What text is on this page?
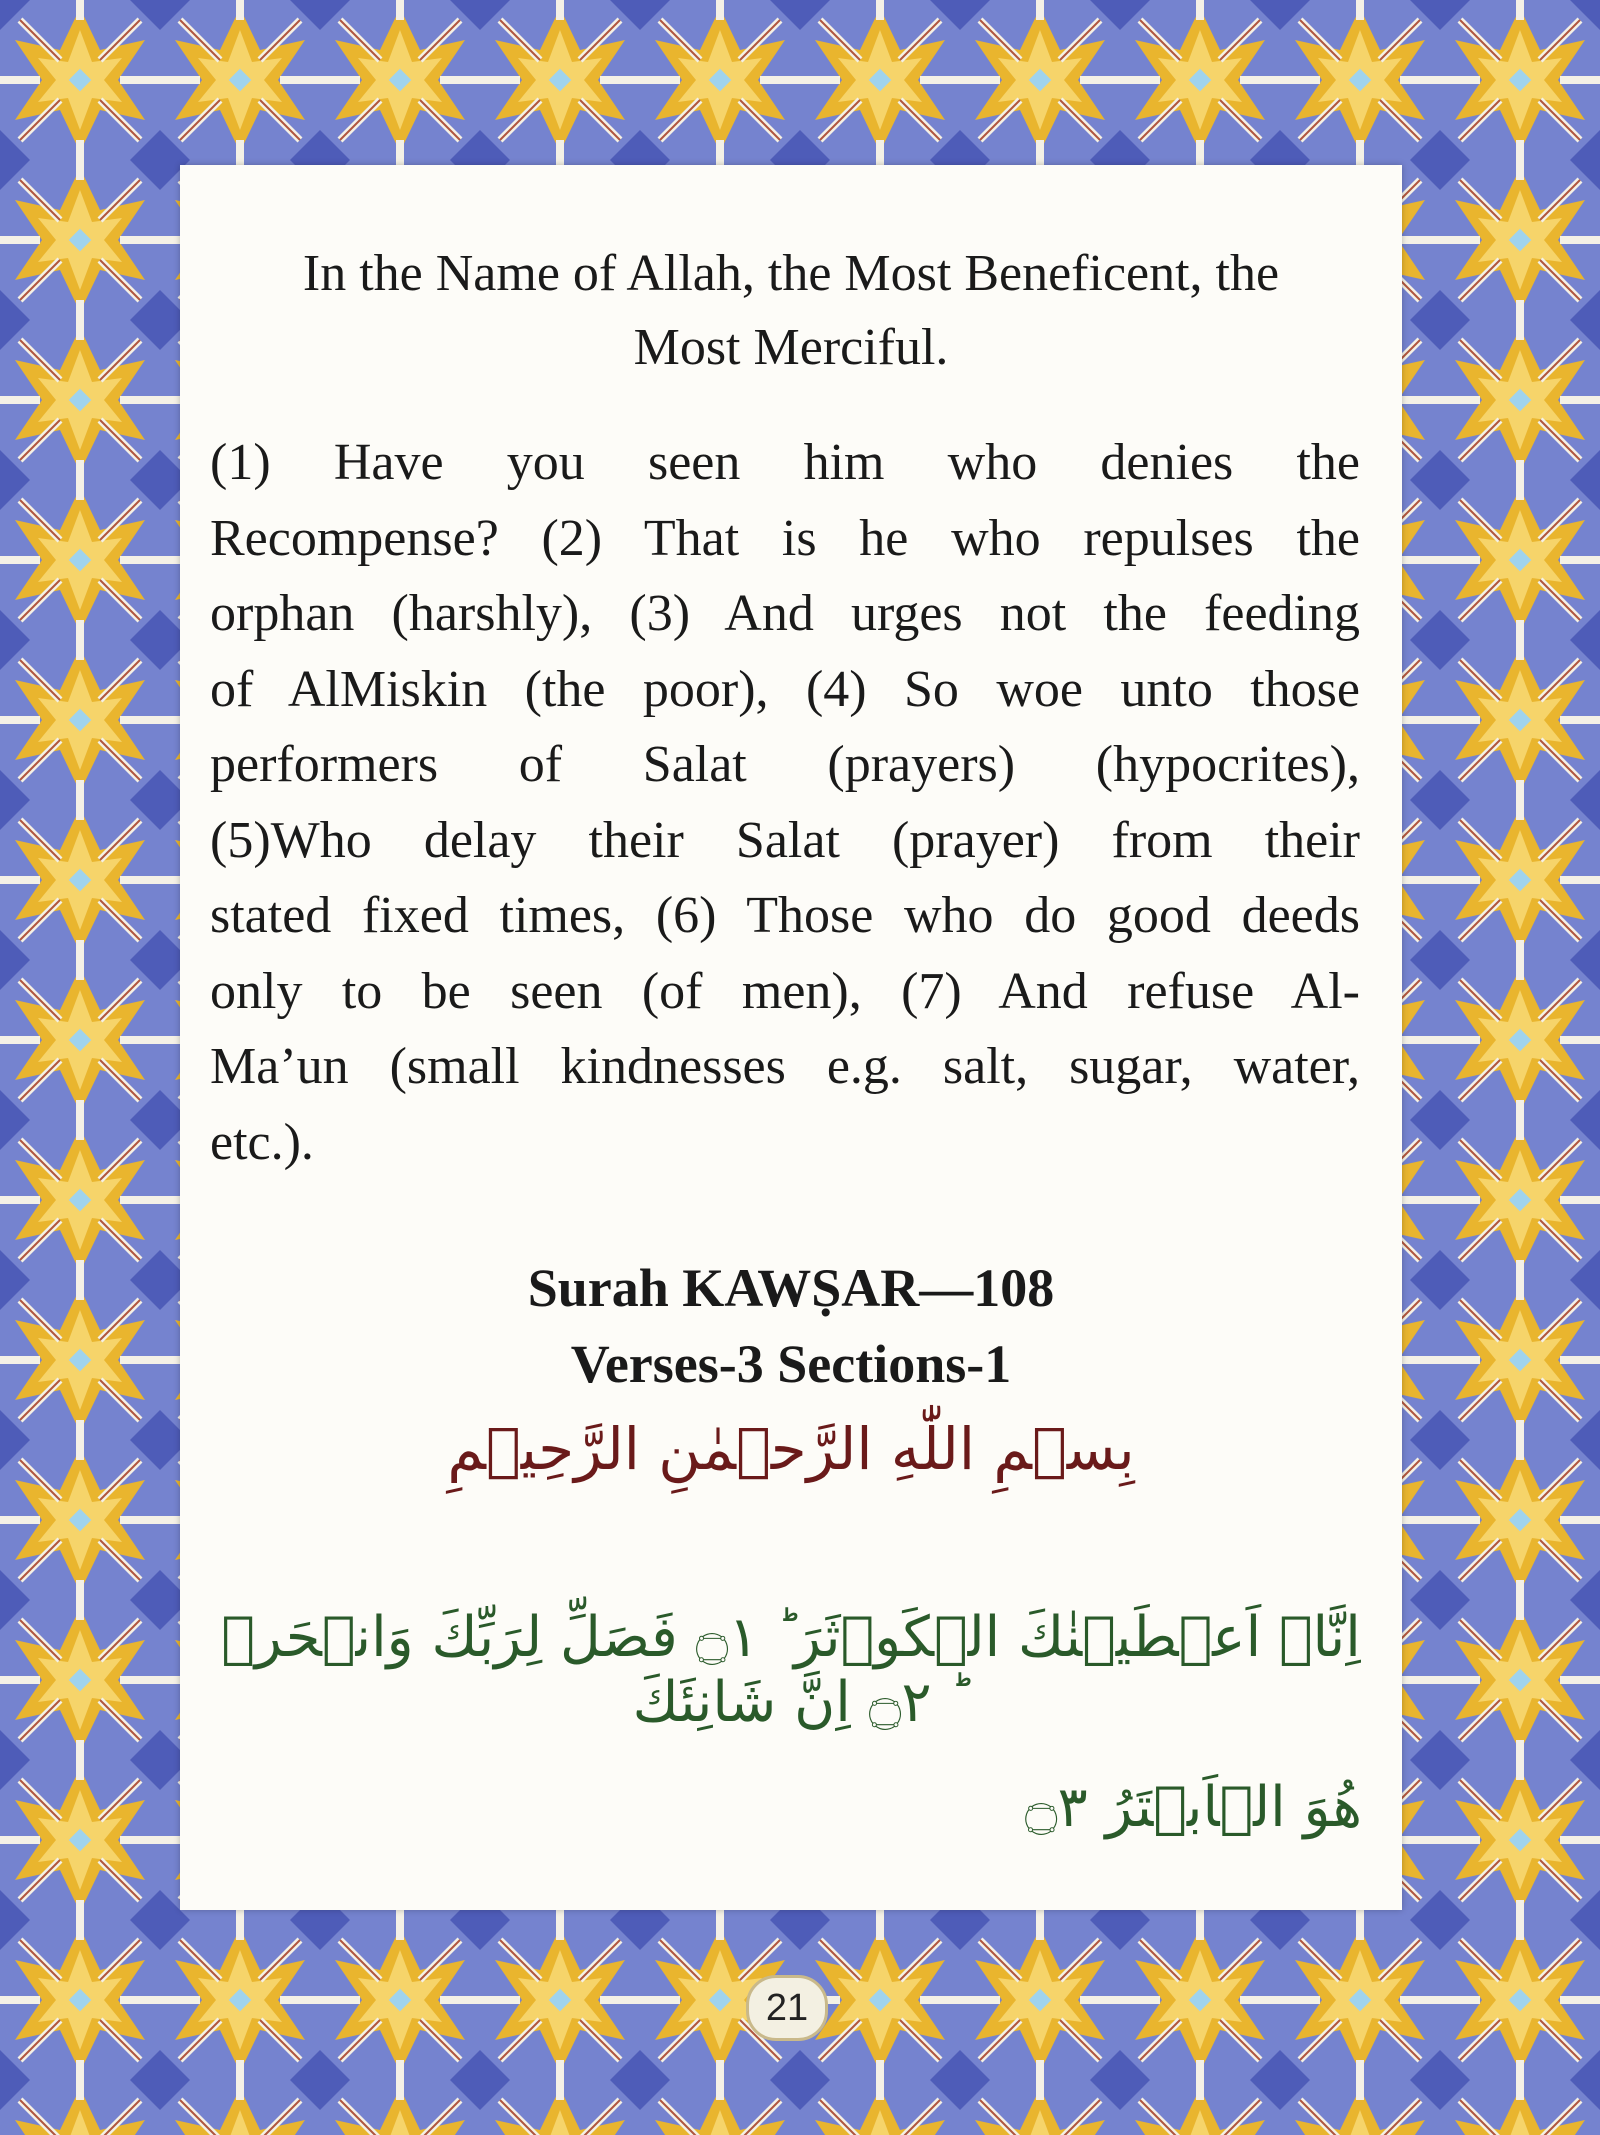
In the Name of Allah, the Most Beneficent, the
Most Merciful.
(1) Have you seen him who denies the
Recompense? (2) That is he who repulses the
orphan (harshly), (3) And urges not the feeding
of AlMiskin (the poor), (4) So woe unto those
performers of Salat (prayers) (hypocrites),
(5)Who delay their Salat (prayer) from their
stated fixed times, (6) Those who do good deeds
only to be seen (of men), (7) And refuse Al-
Ma’un (small kindnesses e.g. salt, sugar, water,
etc.).
Surah KAWṢAR—108
Verses-3 Sections-1
بِسۡمِ اللّٰهِ الرَّحۡمٰنِ الرَّحِيۡمِ
اِنَّاۤ اَعۡطَيۡنٰكَ الۡكَوۡثَرَ ؕ‏ ۝١ فَصَلِّ لِرَبِّكَ وَانۡحَرۡ ؕ‏ ۝٢ اِنَّ شَانِئَكَ
هُوَ الۡاَبۡتَرُ ۝٣
21
